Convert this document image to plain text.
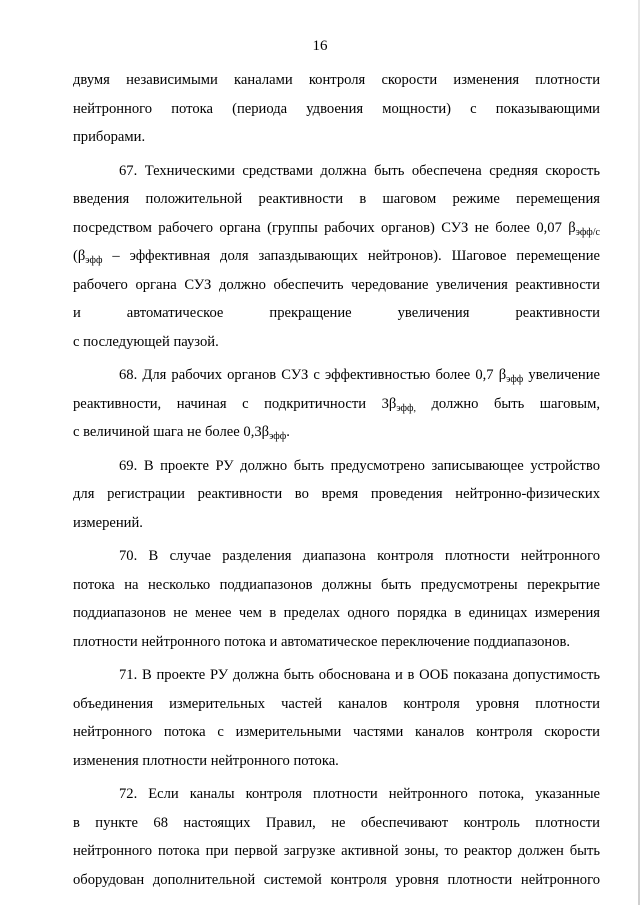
16
двумя независимыми каналами контроля скорости изменения плотности
нейтронного потока (периода удвоения мощности) с показывающими
приборами.
67. Техническими средствами должна быть обеспечена средняя скорость
введения положительной реактивности в шаговом режиме перемещения
посредством рабочего органа (группы рабочих органов) СУЗ не более 0,07 $\beta_{эфф/с}$
($\beta_{эфф}$ – эффективная доля запаздывающих нейтронов). Шаговое перемещение
рабочего органа СУЗ должно обеспечить чередование увеличения реактивности
и автоматическое прекращение увеличения реактивности
с последующей паузой.
68. Для рабочих органов СУЗ с эффективностью более 0,7 $\beta_{эфф}$ увеличение
реактивности, начиная с подкритичности $3\beta_{эфф,}$ должно быть шаговым,
с величиной шага не более $0,3\beta_{эфф}$.
69. В проекте РУ должно быть предусмотрено записывающее устройство
для регистрации реактивности во время проведения нейтронно-физических
измерений.
70. В случае разделения диапазона контроля плотности нейтронного
потока на несколько поддиапазонов должны быть предусмотрены перекрытие
поддиапазонов не менее чем в пределах одного порядка в единицах измерения
плотности нейтронного потока и автоматическое переключение поддиапазонов.
71. В проекте РУ должна быть обоснована и в ООБ показана допустимость
объединения измерительных частей каналов контроля уровня плотности
нейтронного потока с измерительными частями каналов контроля скорости
изменения плотности нейтронного потока.
72. Если каналы контроля плотности нейтронного потока, указанные
в пункте 68 настоящих Правил, не обеспечивают контроль плотности
нейтронного потока при первой загрузке активной зоны, то реактор должен быть
оборудован дополнительной системой контроля уровня плотности нейтронного
